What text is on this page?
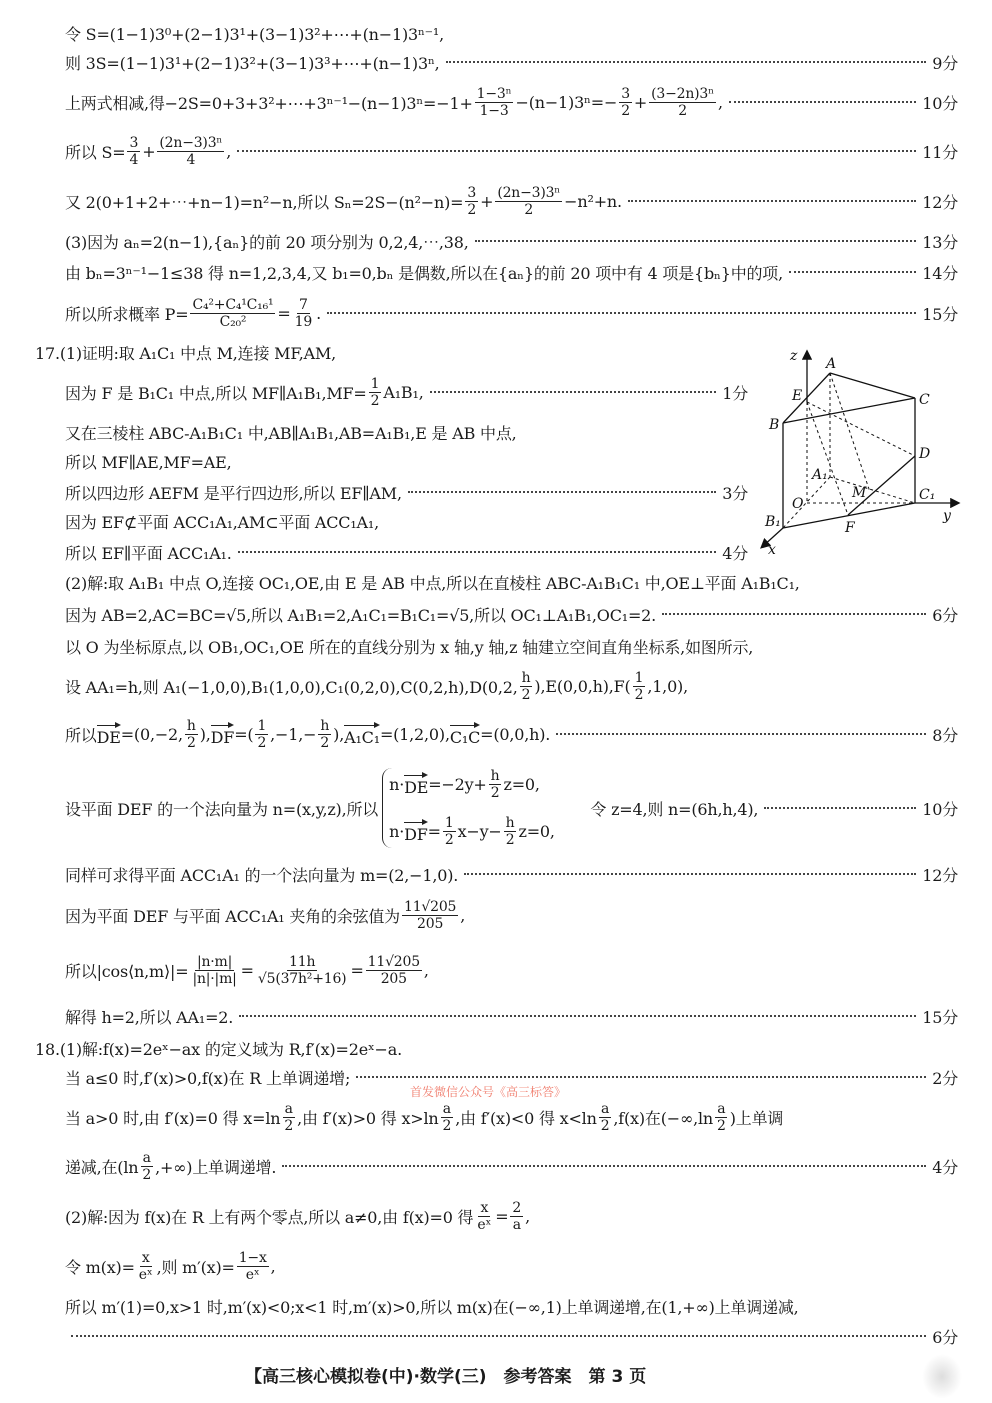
令 S=(1−1)3⁰+(2−1)3¹+(3−1)3²+⋯+(n−1)3ⁿ⁻¹,
则 3S=(1−1)3¹+(2−1)3²+(3−1)3³+⋯+(n−1)3ⁿ,	9分
上两式相减,得−2S=0+3+3²+⋯+3ⁿ⁻¹−(n−1)3ⁿ=−1+ $\frac{\text{1−3ⁿ}}{1-3} -(n-1)3^n=- \frac{3}{2} + \frac{\text{(3−2n)3ⁿ}}{2}$ ,	10分
所以 $S= \frac{3}{4} + \frac{\text{(2n−3)3ⁿ}}{4}$ ,	11分
又 2(0+1+2+⋯+n−1)=n²−n,所以 $S_n=2S-(n^2-n)= \frac{3}{2} + \frac{\text{(2n−3)3ⁿ}}{2} -n^2+n$.	12分
(3)因为 aₙ=2(n−1),{aₙ}的前 20 项分别为 0,2,4,⋯,38,	13分
由 bₙ=3ⁿ⁻¹−1≤38 得 n=1,2,3,4,又 b₁=0,bₙ 是偶数,所以在{aₙ}的前 20 项中有 4 项是{bₙ}中的项,	14分
所以所求概率 $P= \frac{\text{C₄²+C₄¹C₁₆¹}}{\text{C₂₀²}} = \frac{7}{19}$ .	15分
17.(1)证明:取 A₁C₁ 中点 M,连接 MF,AM,
因为 F 是 B₁C₁ 中点,所以 MF∥A₁B₁,MF= $\frac{1}{2} A_1B_1$,	1分
又在三棱柱 ABC-A₁B₁C₁ 中,AB∥A₁B₁,AB=A₁B₁,E 是 AB 中点,
所以 MF∥AE,MF=AE,
所以四边形 AEFM 是平行四边形,所以 EF∥AM,	3分
因为 EF⊄平面 ACC₁A₁,AM⊂平面 ACC₁A₁,
所以 EF∥平面 ACC₁A₁.	4分
(2)解:取 A₁B₁ 中点 O,连接 OC₁,OE,由 E 是 AB 中点,所以在直棱柱 ABC-A₁B₁C₁ 中,OE⊥平面 A₁B₁C₁,
因为 AB=2,AC=BC=√5,所以 A₁B₁=2,A₁C₁=B₁C₁=√5,所以 OC₁⊥A₁B₁,OC₁=2.	6分
以 O 为坐标原点,以 OB₁,OC₁,OE 所在的直线分别为 x 轴,y 轴,z 轴建立空间直角坐标系,如图所示,
设 AA₁=h,则 A₁(−1,0,0),B₁(1,0,0),C₁(0,2,0),C(0,2,h),D(0,2, $\frac{h}{2} ),E(0,0,h),F( \frac{1}{2} ,1,0)$,
所以 DE =(0,−2, $\frac{h}{2}$ ), DF =( $\frac{1}{2} ,-1,- \frac{h}{2}$ ), A₁C₁ =(1,2,0), C₁C =(0,0,h).	8分
设平面 DEF 的一个法向量为 n=(x,y,z),所以
n· DE $=-2y+ \frac{h}{2} z=0$,
n· DF = $\frac{1}{2} x-y- \frac{h}{2} z=0$,
　　令 z=4,则 n=(6h,h,4),	10分
同样可求得平面 ACC₁A₁ 的一个法向量为 m=(2,−1,0).	12分
因为平面 DEF 与平面 ACC₁A₁ 夹角的余弦值为 $\frac{11√205}{205}$ ,
所以|cos⟨n,m⟩|= $\frac{|n\cdot m|}{|n|\cdot|m|} = \frac{11h}{\text{√5(37h²+16)}} = \frac{11√205}{205}$ ,
解得 h=2,所以 AA₁=2.	15分
18.(1)解:f(x)=2eˣ−ax 的定义域为 R,f′(x)=2eˣ−a.
当 a≤0 时,f′(x)>0,f(x)在 R 上单调递增;	2分
当 a>0 时,由 f′(x)=0 得 $x=\ln \frac{a}{2}$ ,由 f′(x)>0 得 $x>\ln \frac{a}{2}$ ,由 f′(x)<0 得 $x<\ln \frac{a}{2} ,f(x)$在($-\infty,\ln \frac{a}{2}$ )上单调
递减,在($\ln \frac{a}{2}$ ,+∞)上单调递增.	4分
(2)解:因为 f(x)在 R 上有两个零点,所以 a≠0,由 f(x)=0 得 $\frac{x}{\text{eˣ}} = \frac{2}{a}$ ,
令 $m(x)= \frac{x}{\text{eˣ}}$ ,则 $m'(x)= \frac{1-x}{\text{eˣ}}$ ,
所以 m′(1)=0,x>1 时,m′(x)<0;x<1 时,m′(x)>0,所以 m(x)在(−∞,1)上单调递增,在(1,+∞)上单调递减,
6分
z A
E	C
B
D
A₁
M
O
C₁
y
B₁	F
x
首发微信公众号《高三标答》
【高三核心模拟卷(中)·数学(三)　参考答案　第 3 页
